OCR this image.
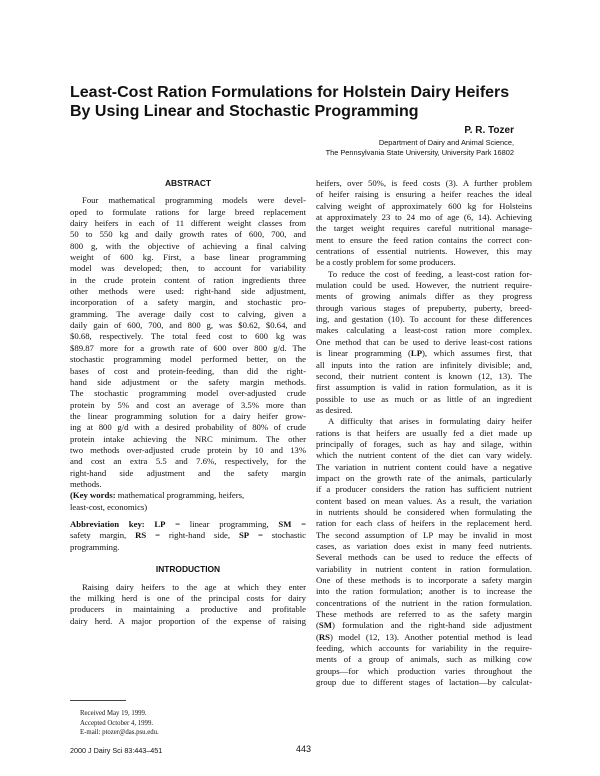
Least-Cost Ration Formulations for Holstein Dairy Heifers
By Using Linear and Stochastic Programming
P. R. Tozer
Department of Dairy and Animal Science,
The Pennsylvania State University, University Park 16802
ABSTRACT
Four mathematical programming models were devel-
oped to formulate rations for large breed replacement
dairy heifers in each of 11 different weight classes from
50 to 550 kg and daily growth rates of 600, 700, and
800 g, with the objective of achieving a final calving
weight of 600 kg. First, a base linear programming
model was developed; then, to account for variability
in the crude protein content of ration ingredients three
other methods were used: right-hand side adjustment,
incorporation of a safety margin, and stochastic pro-
gramming. The average daily cost to calving, given a
daily gain of 600, 700, and 800 g, was $0.62, $0.64, and
$0.68, respectively. The total feed cost to 600 kg was
$89.87 more for a growth rate of 600 over 800 g/d. The
stochastic programming model performed better, on the
bases of cost and protein-feeding, than did the right-
hand side adjustment or the safety margin methods.
The stochastic programming model over-adjusted crude
protein by 5% and cost an average of 3.5% more than
the linear programming solution for a dairy heifer grow-
ing at 800 g/d with a desired probability of 80% of crude
protein intake achieving the NRC minimum. The other
two methods over-adjusted crude protein by 10 and 13%
and cost an extra 5.5 and 7.6%, respectively, for the
right-hand side adjustment and the safety margin
methods.
(Key words: mathematical programming, heifers,
least-cost, economics)
Abbreviation key: LP = linear programming, SM =
safety margin, RS = right-hand side, SP = stochastic
programming.
INTRODUCTION
Raising dairy heifers to the age at which they enter
the milking herd is one of the principal costs for dairy
producers in maintaining a productive and profitable
dairy herd. A major proportion of the expense of raising
heifers, over 50%, is feed costs (3). A further problem
of heifer raising is ensuring a heifer reaches the ideal
calving weight of approximately 600 kg for Holsteins
at approximately 23 to 24 mo of age (6, 14). Achieving
the target weight requires careful nutritional manage-
ment to ensure the feed ration contains the correct con-
centrations of essential nutrients. However, this may
be a costly problem for some producers.
To reduce the cost of feeding, a least-cost ration for-
mulation could be used. However, the nutrient require-
ments of growing animals differ as they progress
through various stages of prepuberty, puberty, breed-
ing, and gestation (10). To account for these differences
makes calculating a least-cost ration more complex.
One method that can be used to derive least-cost rations
is linear programming (LP), which assumes first, that
all inputs into the ration are infinitely divisible; and,
second, their nutrient content is known (12, 13). The
first assumption is valid in ration formulation, as it is
possible to use as much or as little of an ingredient
as desired.
A difficulty that arises in formulating dairy heifer
rations is that heifers are usually fed a diet made up
principally of forages, such as hay and silage, within
which the nutrient content of the diet can vary widely.
The variation in nutrient content could have a negative
impact on the growth rate of the animals, particularly
if a producer considers the ration has sufficient nutrient
content based on mean values. As a result, the variation
in nutrients should be considered when formulating the
ration for each class of heifers in the replacement herd.
The second assumption of LP may be invalid in most
cases, as variation does exist in many feed nutrients.
Several methods can be used to reduce the effects of
variability in nutrient content in ration formulation.
One of these methods is to incorporate a safety margin
into the ration formulation; another is to increase the
concentrations of the nutrient in the ration formulation.
These methods are referred to as the safety margin
(SM) formulation and the right-hand side adjustment
(RS) model (12, 13). Another potential method is lead
feeding, which accounts for variability in the require-
ments of a group of animals, such as milking cow
groups—for which production varies throughout the
group due to different stages of lactation—by calculat-
Received May 19, 1999.
Accepted October 4, 1999.
E-mail: ptozer@das.psu.edu.
2000 J Dairy Sci 83:443–451	443
